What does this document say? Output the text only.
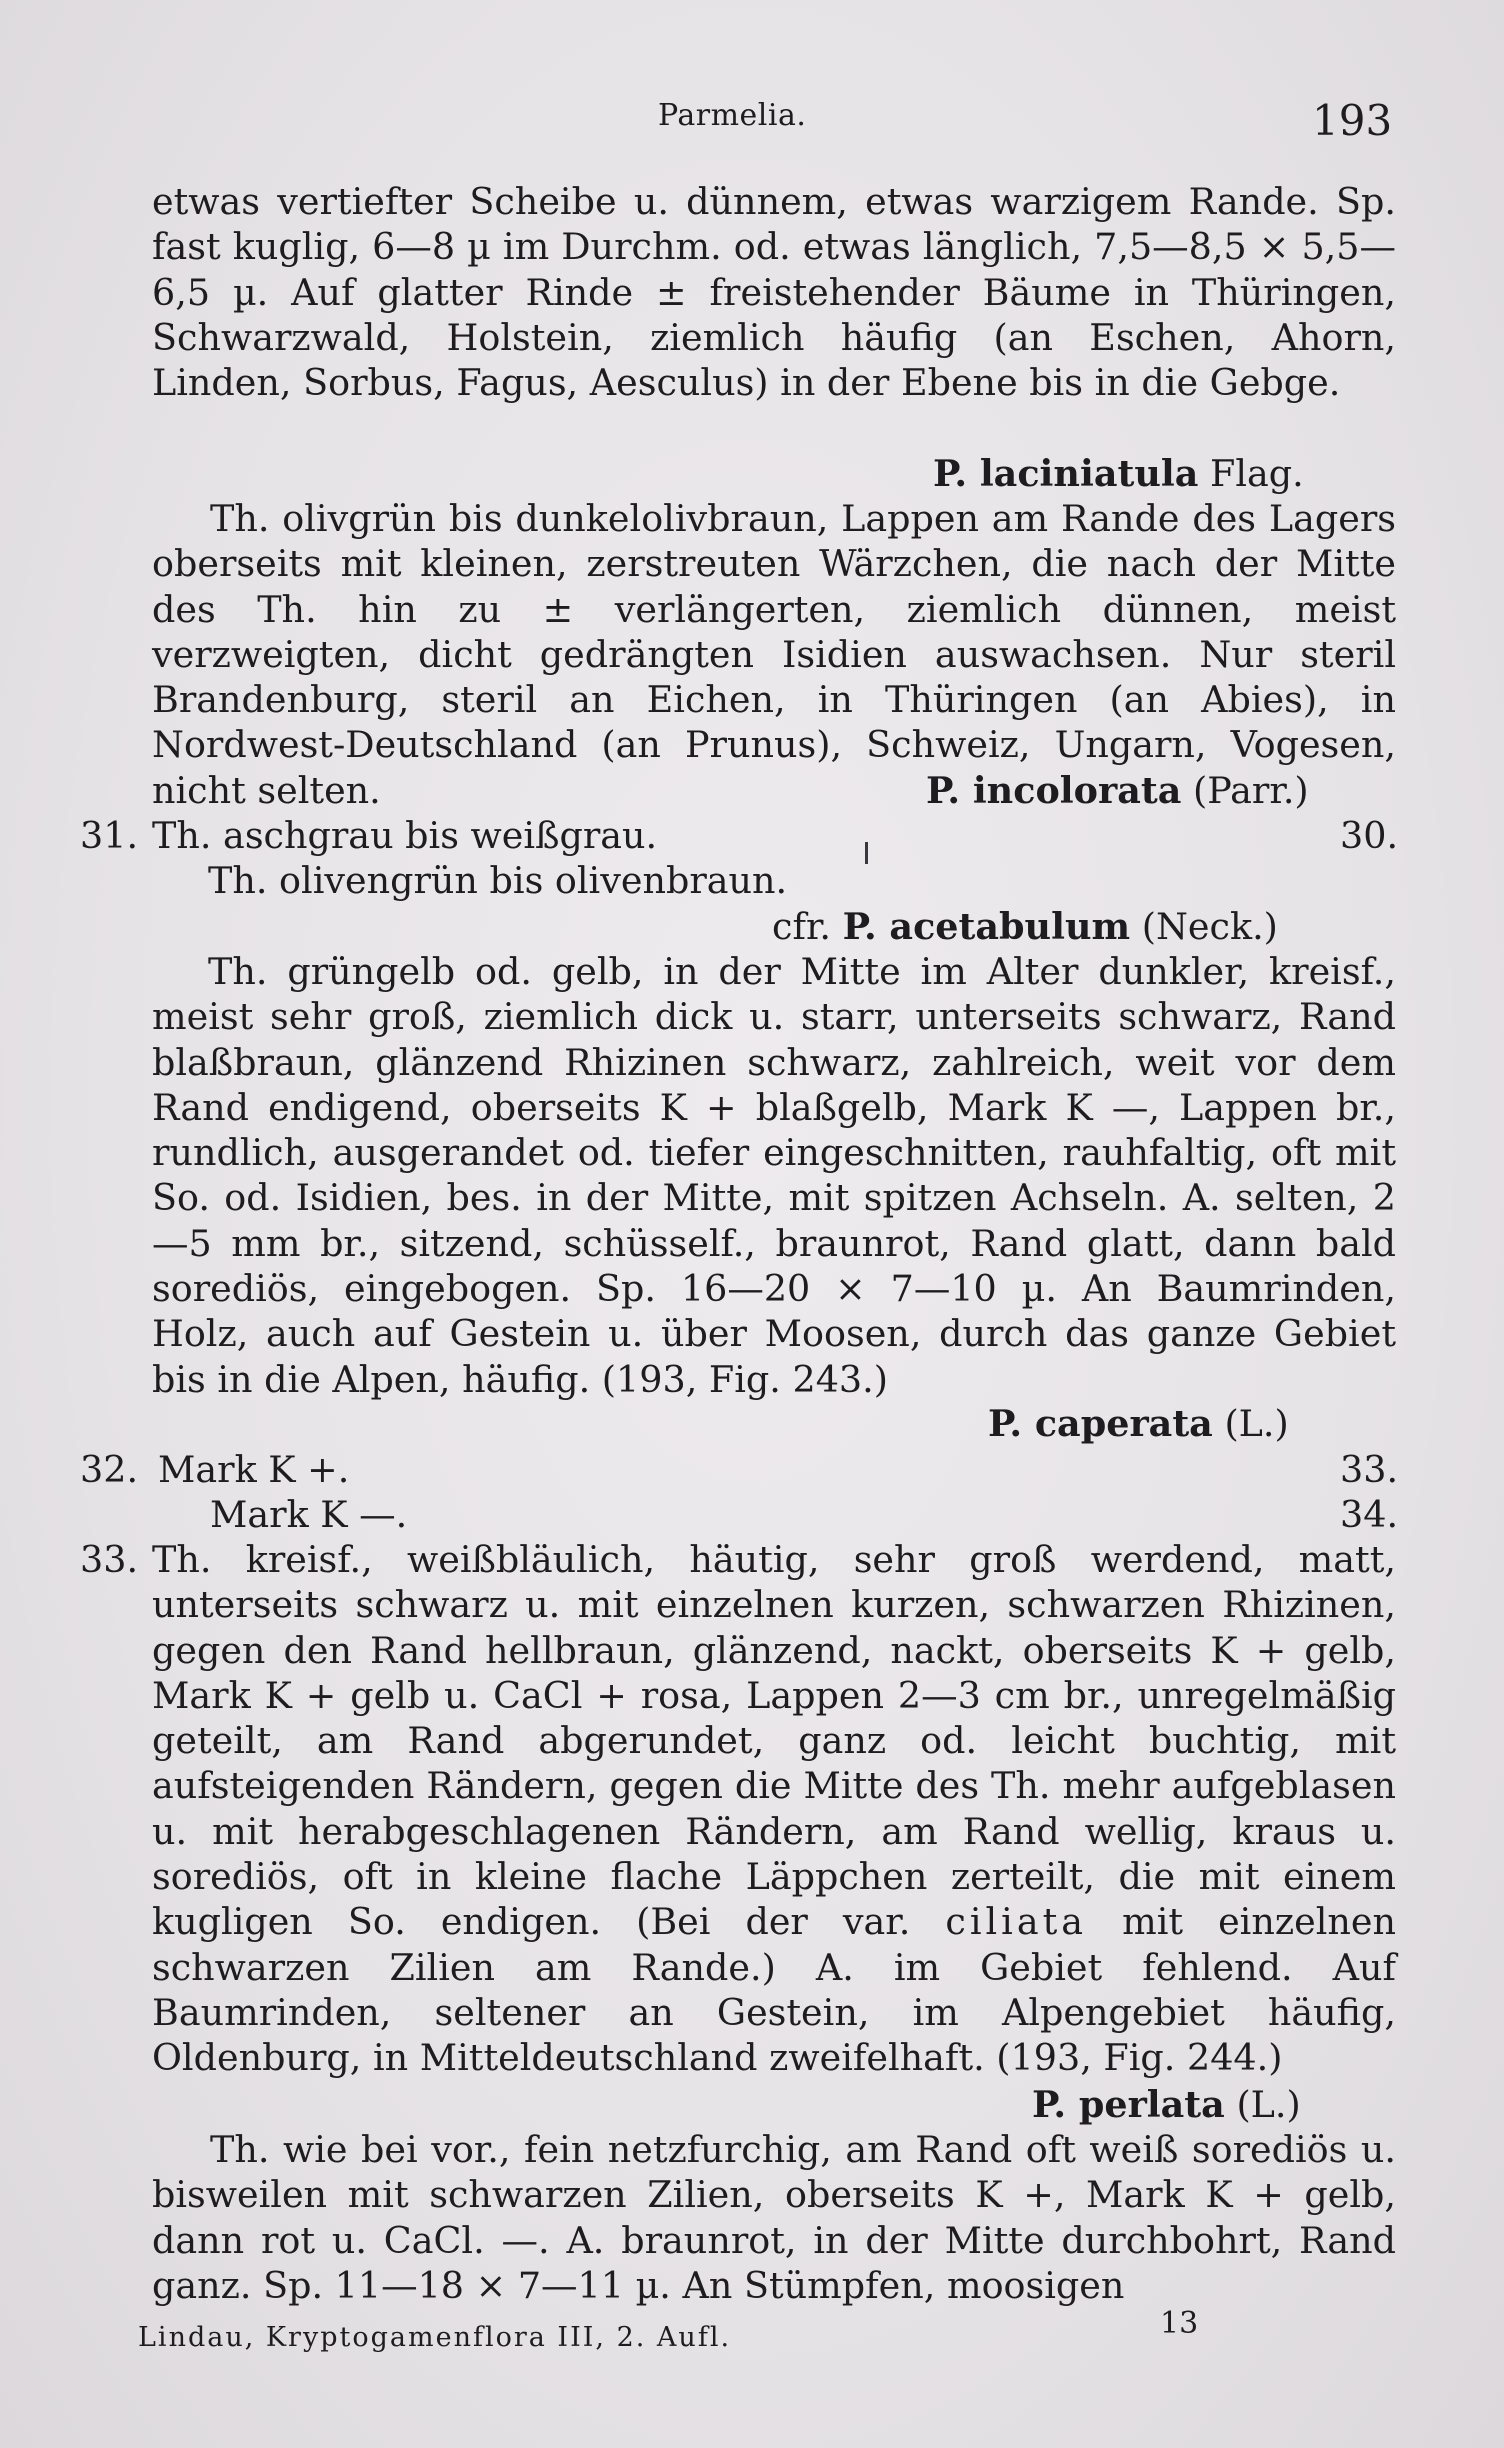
Parmelia.	193
etwas vertiefter Scheibe u. dünnem, etwas warzigem Rande. Sp. fast kuglig, 6—8 µ im Durchm. od. etwas länglich, 7,5—8,5 × 5,5—6,5 µ. Auf glatter Rinde ± freistehender Bäume in Thüringen, Schwarzwald, Holstein, ziemlich häufig (an Eschen, Ahorn, Linden, Sorbus, Fagus, Aesculus) in der Ebene bis in die Gebge.
P. laciniatula Flag.
Th. olivgrün bis dunkelolivbraun, Lappen am Rande des Lagers oberseits mit kleinen, zerstreuten Wärzchen, die nach der Mitte des Th. hin zu ± verlängerten, ziemlich dünnen, meist verzweigten, dicht gedrängten Isidien auswachsen. Nur steril Brandenburg, steril an Eichen, in Thüringen (an Abies), in Nordwest-Deutschland (an Prunus), Schweiz, Ungarn, Vogesen, nicht selten.	P. incolorata (Parr.)
31. Th. aschgrau bis weißgrau.	30.
Th. olivengrün bis olivenbraun.
cfr. P. acetabulum (Neck.)
Th. grüngelb od. gelb, in der Mitte im Alter dunkler, kreisf., meist sehr groß, ziemlich dick u. starr, unterseits schwarz, Rand blaßbraun, glänzend Rhizinen schwarz, zahlreich, weit vor dem Rand endigend, oberseits K + blaßgelb, Mark K —, Lappen br., rundlich, ausgerandet od. tiefer eingeschnitten, rauhfaltig, oft mit So. od. Isidien, bes. in der Mitte, mit spitzen Achseln. A. selten, 2—5 mm br., sitzend, schüsself., braunrot, Rand glatt, dann bald sorediös, eingebogen. Sp. 16—20 × 7—10 µ. An Baumrinden, Holz, auch auf Gestein u. über Moosen, durch das ganze Gebiet bis in die Alpen, häufig. (193, Fig. 243.)
P. caperata (L.)
32. Mark K +.	33.
Mark K —.	34.
33. Th. kreisf., weißbläulich, häutig, sehr groß werdend, matt, unterseits schwarz u. mit einzelnen kurzen, schwarzen Rhizinen, gegen den Rand hellbraun, glänzend, nackt, oberseits K + gelb, Mark K + gelb u. CaCl + rosa, Lappen 2—3 cm br., unregelmäßig geteilt, am Rand abgerundet, ganz od. leicht buchtig, mit aufsteigenden Rändern, gegen die Mitte des Th. mehr aufgeblasen u. mit herabgeschlagenen Rändern, am Rand wellig, kraus u. sorediös, oft in kleine flache Läppchen zerteilt, die mit einem kugligen So. endigen. (Bei der var. ciliata mit einzelnen schwarzen Zilien am Rande.) A. im Gebiet fehlend. Auf Baumrinden, seltener an Gestein, im Alpengebiet häufig, Oldenburg, in Mitteldeutschland zweifelhaft. (193, Fig. 244.)
P. perlata (L.)
Th. wie bei vor., fein netzfurchig, am Rand oft weiß sorediös u. bisweilen mit schwarzen Zilien, oberseits K +, Mark K + gelb, dann rot u. CaCl. —. A. braunrot, in der Mitte durchbohrt, Rand ganz. Sp. 11—18 × 7—11 µ. An Stümpfen, moosigen
Lindau, Kryptogamenflora III, 2. Aufl.	13
